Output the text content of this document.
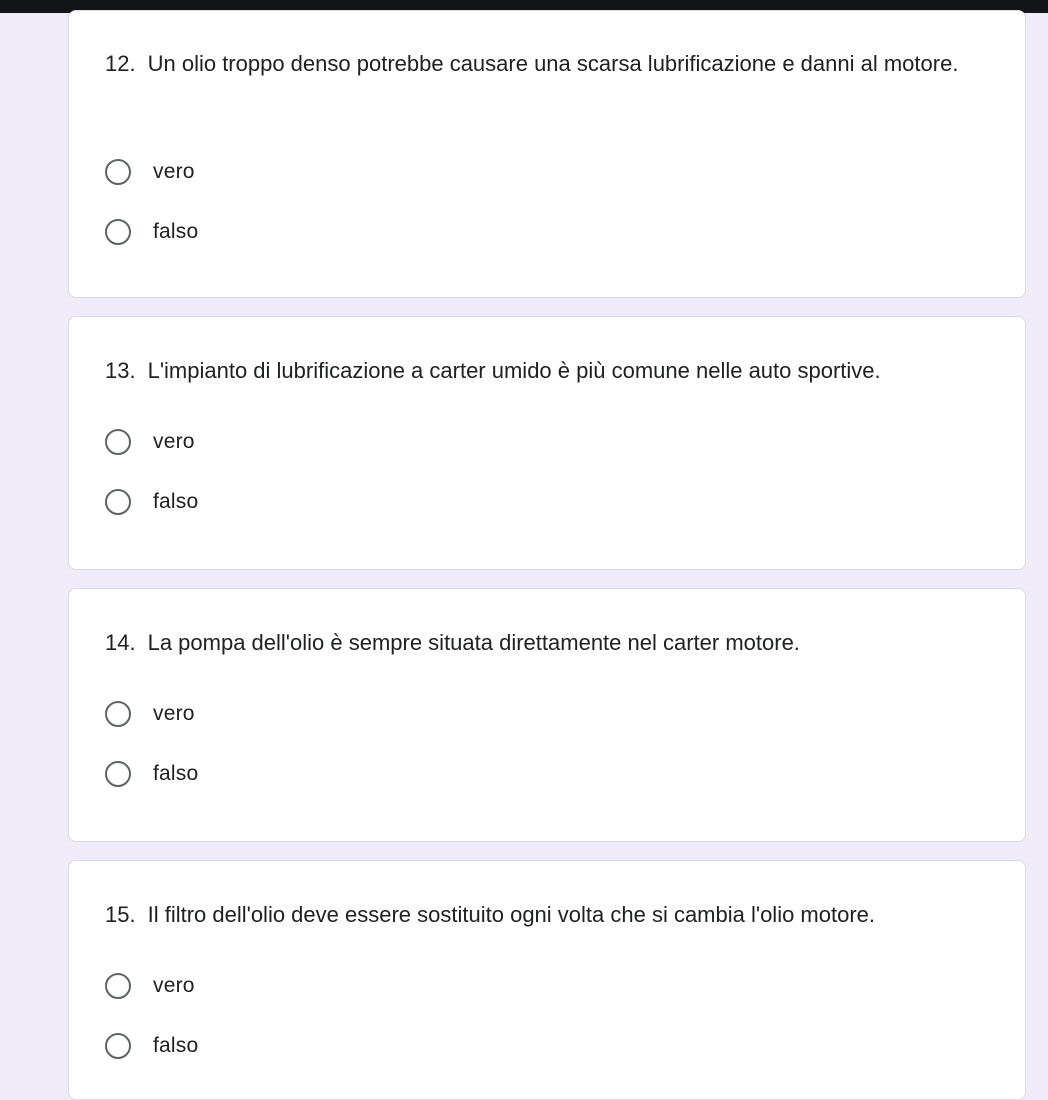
12. Un olio troppo denso potrebbe causare una scarsa lubrificazione e danni al motore.
vero
falso
13. L'impianto di lubrificazione a carter umido è più comune nelle auto sportive.
vero
falso
14. La pompa dell'olio è sempre situata direttamente nel carter motore.
vero
falso
15. Il filtro dell'olio deve essere sostituito ogni volta che si cambia l'olio motore.
vero
falso
